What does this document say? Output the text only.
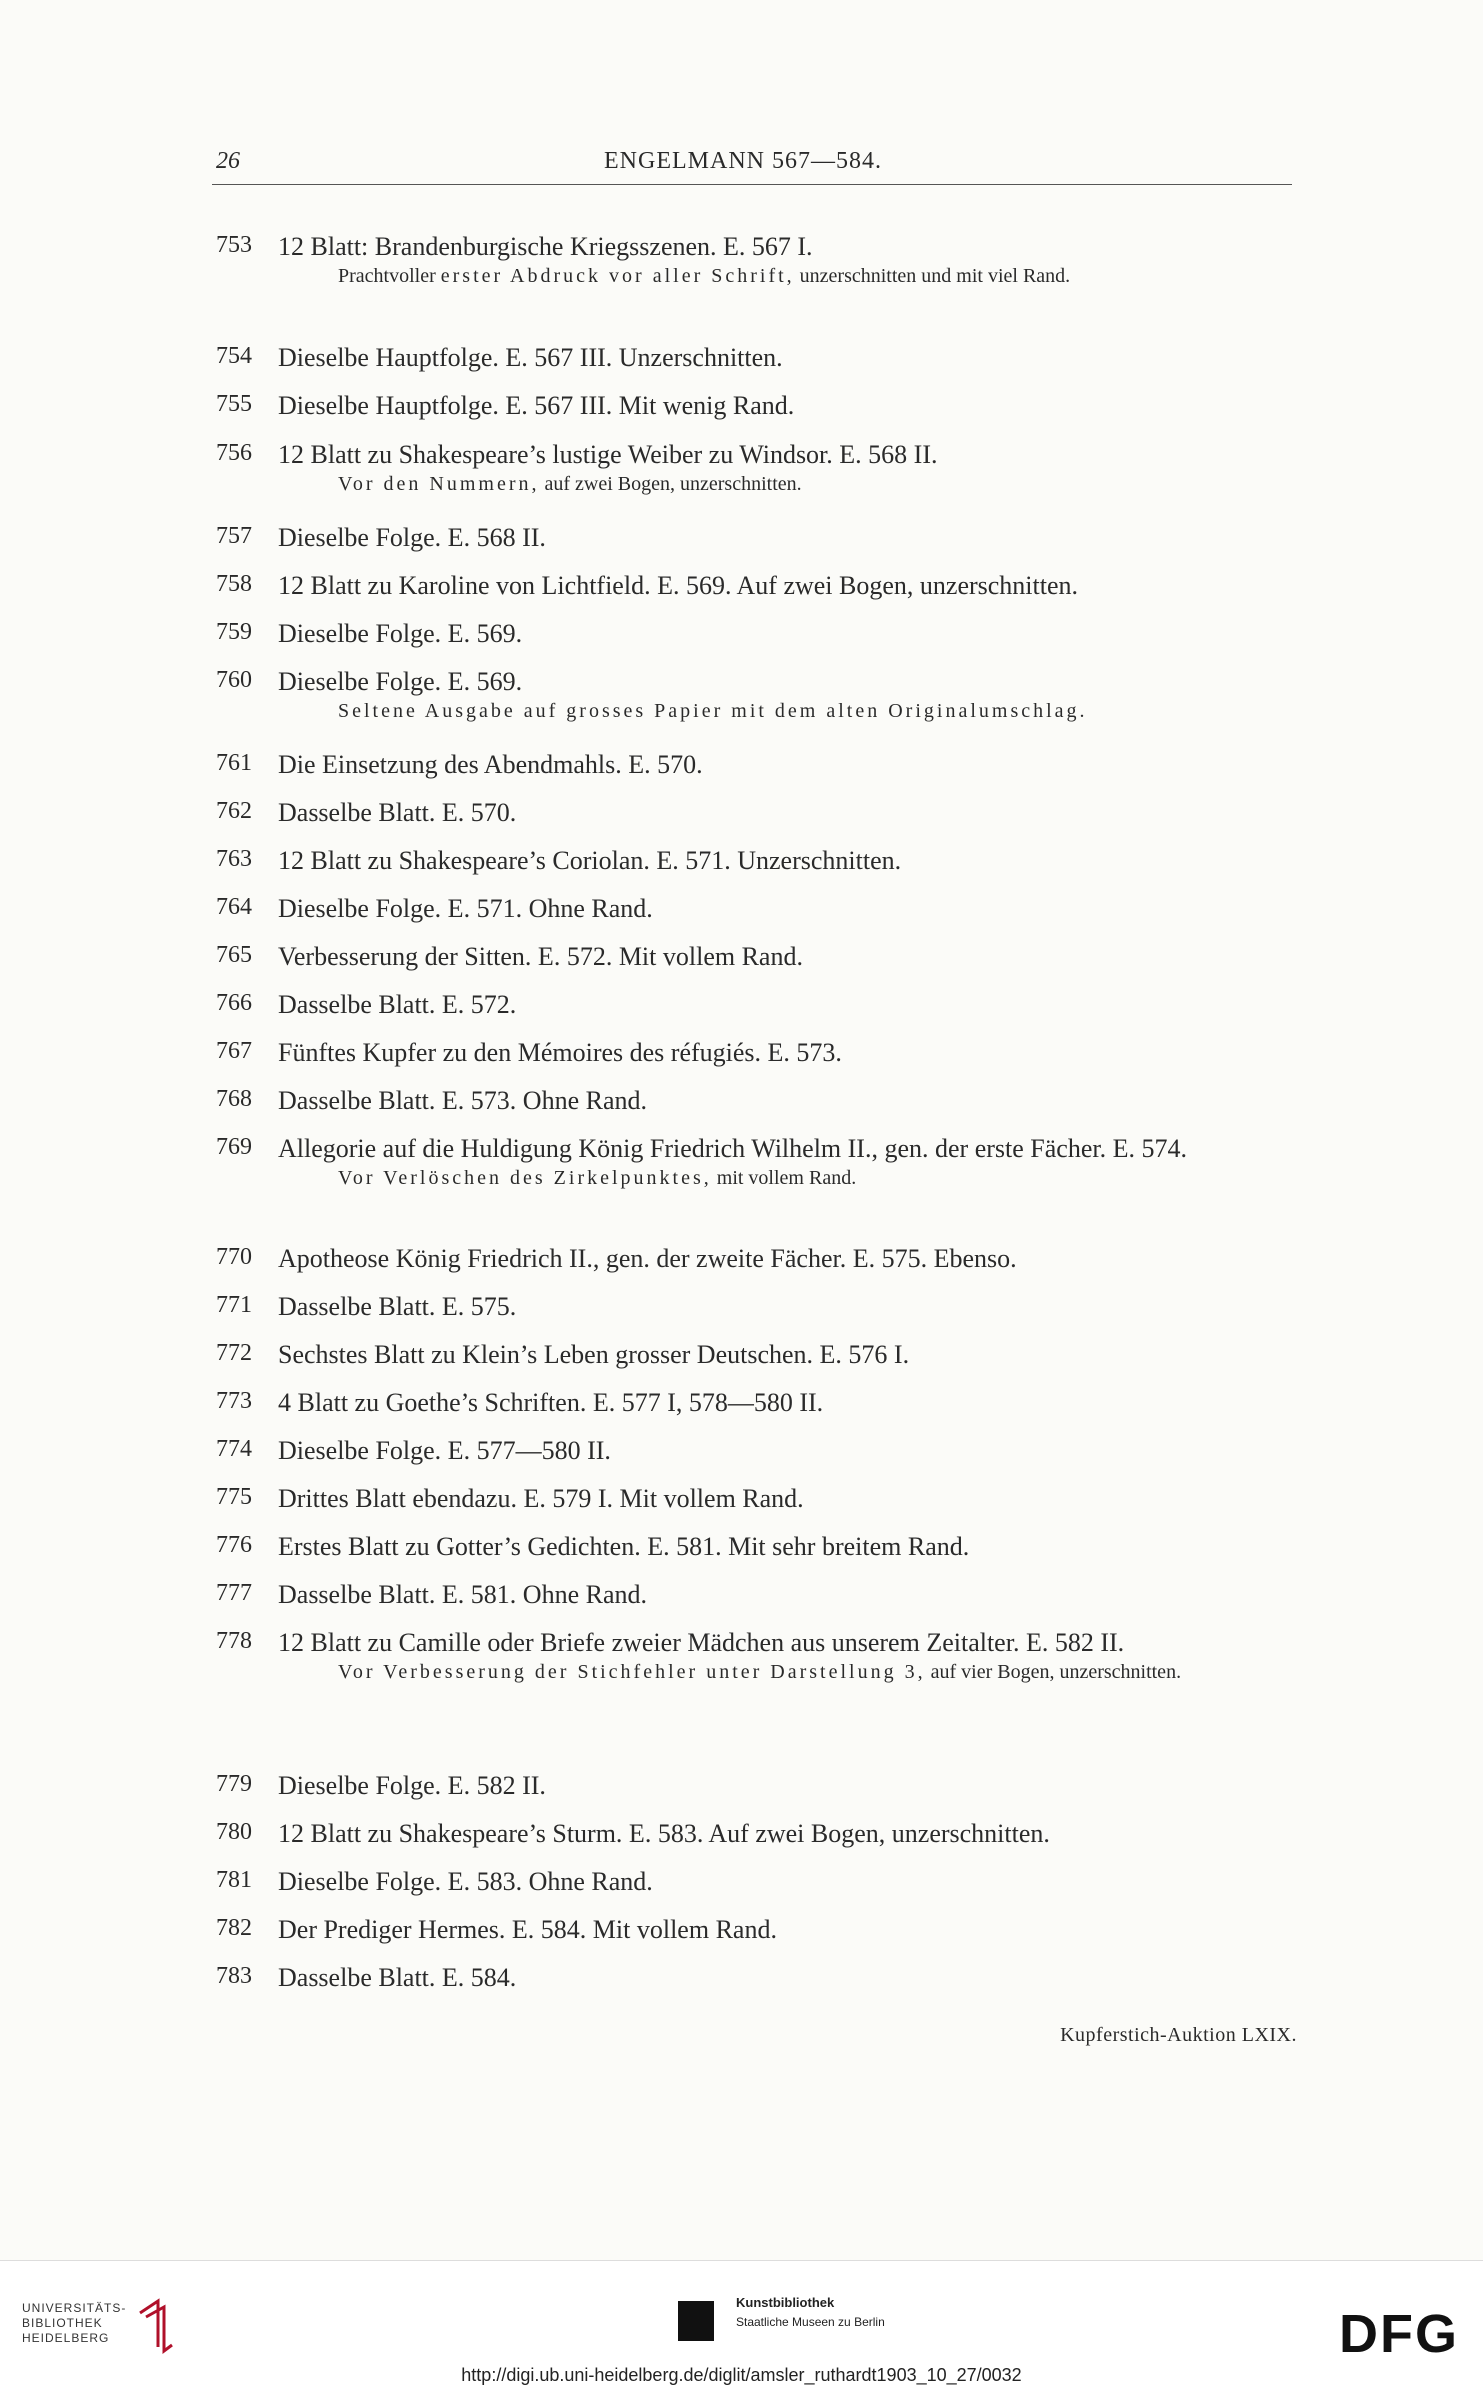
26	ENGELMANN 567—584.
753	12 Blatt: Brandenburgische Kriegsszenen. E. 567 I.
Prachtvoller erster Abdruck vor aller Schrift, unzerschnitten und mit viel Rand.
754	Dieselbe Hauptfolge. E. 567 III. Unzerschnitten.
755	Dieselbe Hauptfolge. E. 567 III. Mit wenig Rand.
756	12 Blatt zu Shakespeare’s lustige Weiber zu Windsor. E. 568 II.
Vor den Nummern, auf zwei Bogen, unzerschnitten.
757	Dieselbe Folge. E. 568 II.
758	12 Blatt zu Karoline von Lichtfield. E. 569. Auf zwei Bogen, unzerschnitten.
759	Dieselbe Folge. E. 569.
760	Dieselbe Folge. E. 569.
Seltene Ausgabe auf grosses Papier mit dem alten Originalumschlag.
761	Die Einsetzung des Abendmahls. E. 570.
762	Dasselbe Blatt. E. 570.
763	12 Blatt zu Shakespeare’s Coriolan. E. 571. Unzerschnitten.
764	Dieselbe Folge. E. 571. Ohne Rand.
765	Verbesserung der Sitten. E. 572. Mit vollem Rand.
766	Dasselbe Blatt. E. 572.
767	Fünftes Kupfer zu den Mémoires des réfugiés. E. 573.
768	Dasselbe Blatt. E. 573. Ohne Rand.
769	Allegorie auf die Huldigung König Friedrich Wilhelm II., gen. der erste Fächer. E. 574.
Vor Verlöschen des Zirkelpunktes, mit vollem Rand.
770	Apotheose König Friedrich II., gen. der zweite Fächer. E. 575. Ebenso.
771	Dasselbe Blatt. E. 575.
772	Sechstes Blatt zu Klein’s Leben grosser Deutschen. E. 576 I.
773	4 Blatt zu Goethe’s Schriften. E. 577 I, 578—580 II.
774	Dieselbe Folge. E. 577—580 II.
775	Drittes Blatt ebendazu. E. 579 I. Mit vollem Rand.
776	Erstes Blatt zu Gotter’s Gedichten. E. 581. Mit sehr breitem Rand.
777	Dasselbe Blatt. E. 581. Ohne Rand.
778	12 Blatt zu Camille oder Briefe zweier Mädchen aus unserem Zeitalter. E. 582 II.
Vor Verbesserung der Stichfehler unter Darstellung 3, auf vier Bogen, unzerschnitten.
779	Dieselbe Folge. E. 582 II.
780	12 Blatt zu Shakespeare’s Sturm. E. 583. Auf zwei Bogen, unzerschnitten.
781	Dieselbe Folge. E. 583. Ohne Rand.
782	Der Prediger Hermes. E. 584. Mit vollem Rand.
783	Dasselbe Blatt. E. 584.
Kupferstich-Auktion LXIX.
UNIVERSITÄTS-
BIBLIOTHEK
HEIDELBERG
Kunstbibliothek
Staatliche Museen zu Berlin	DFG
http://digi.ub.uni-heidelberg.de/diglit/amsler_ruthardt1903_10_27/0032
